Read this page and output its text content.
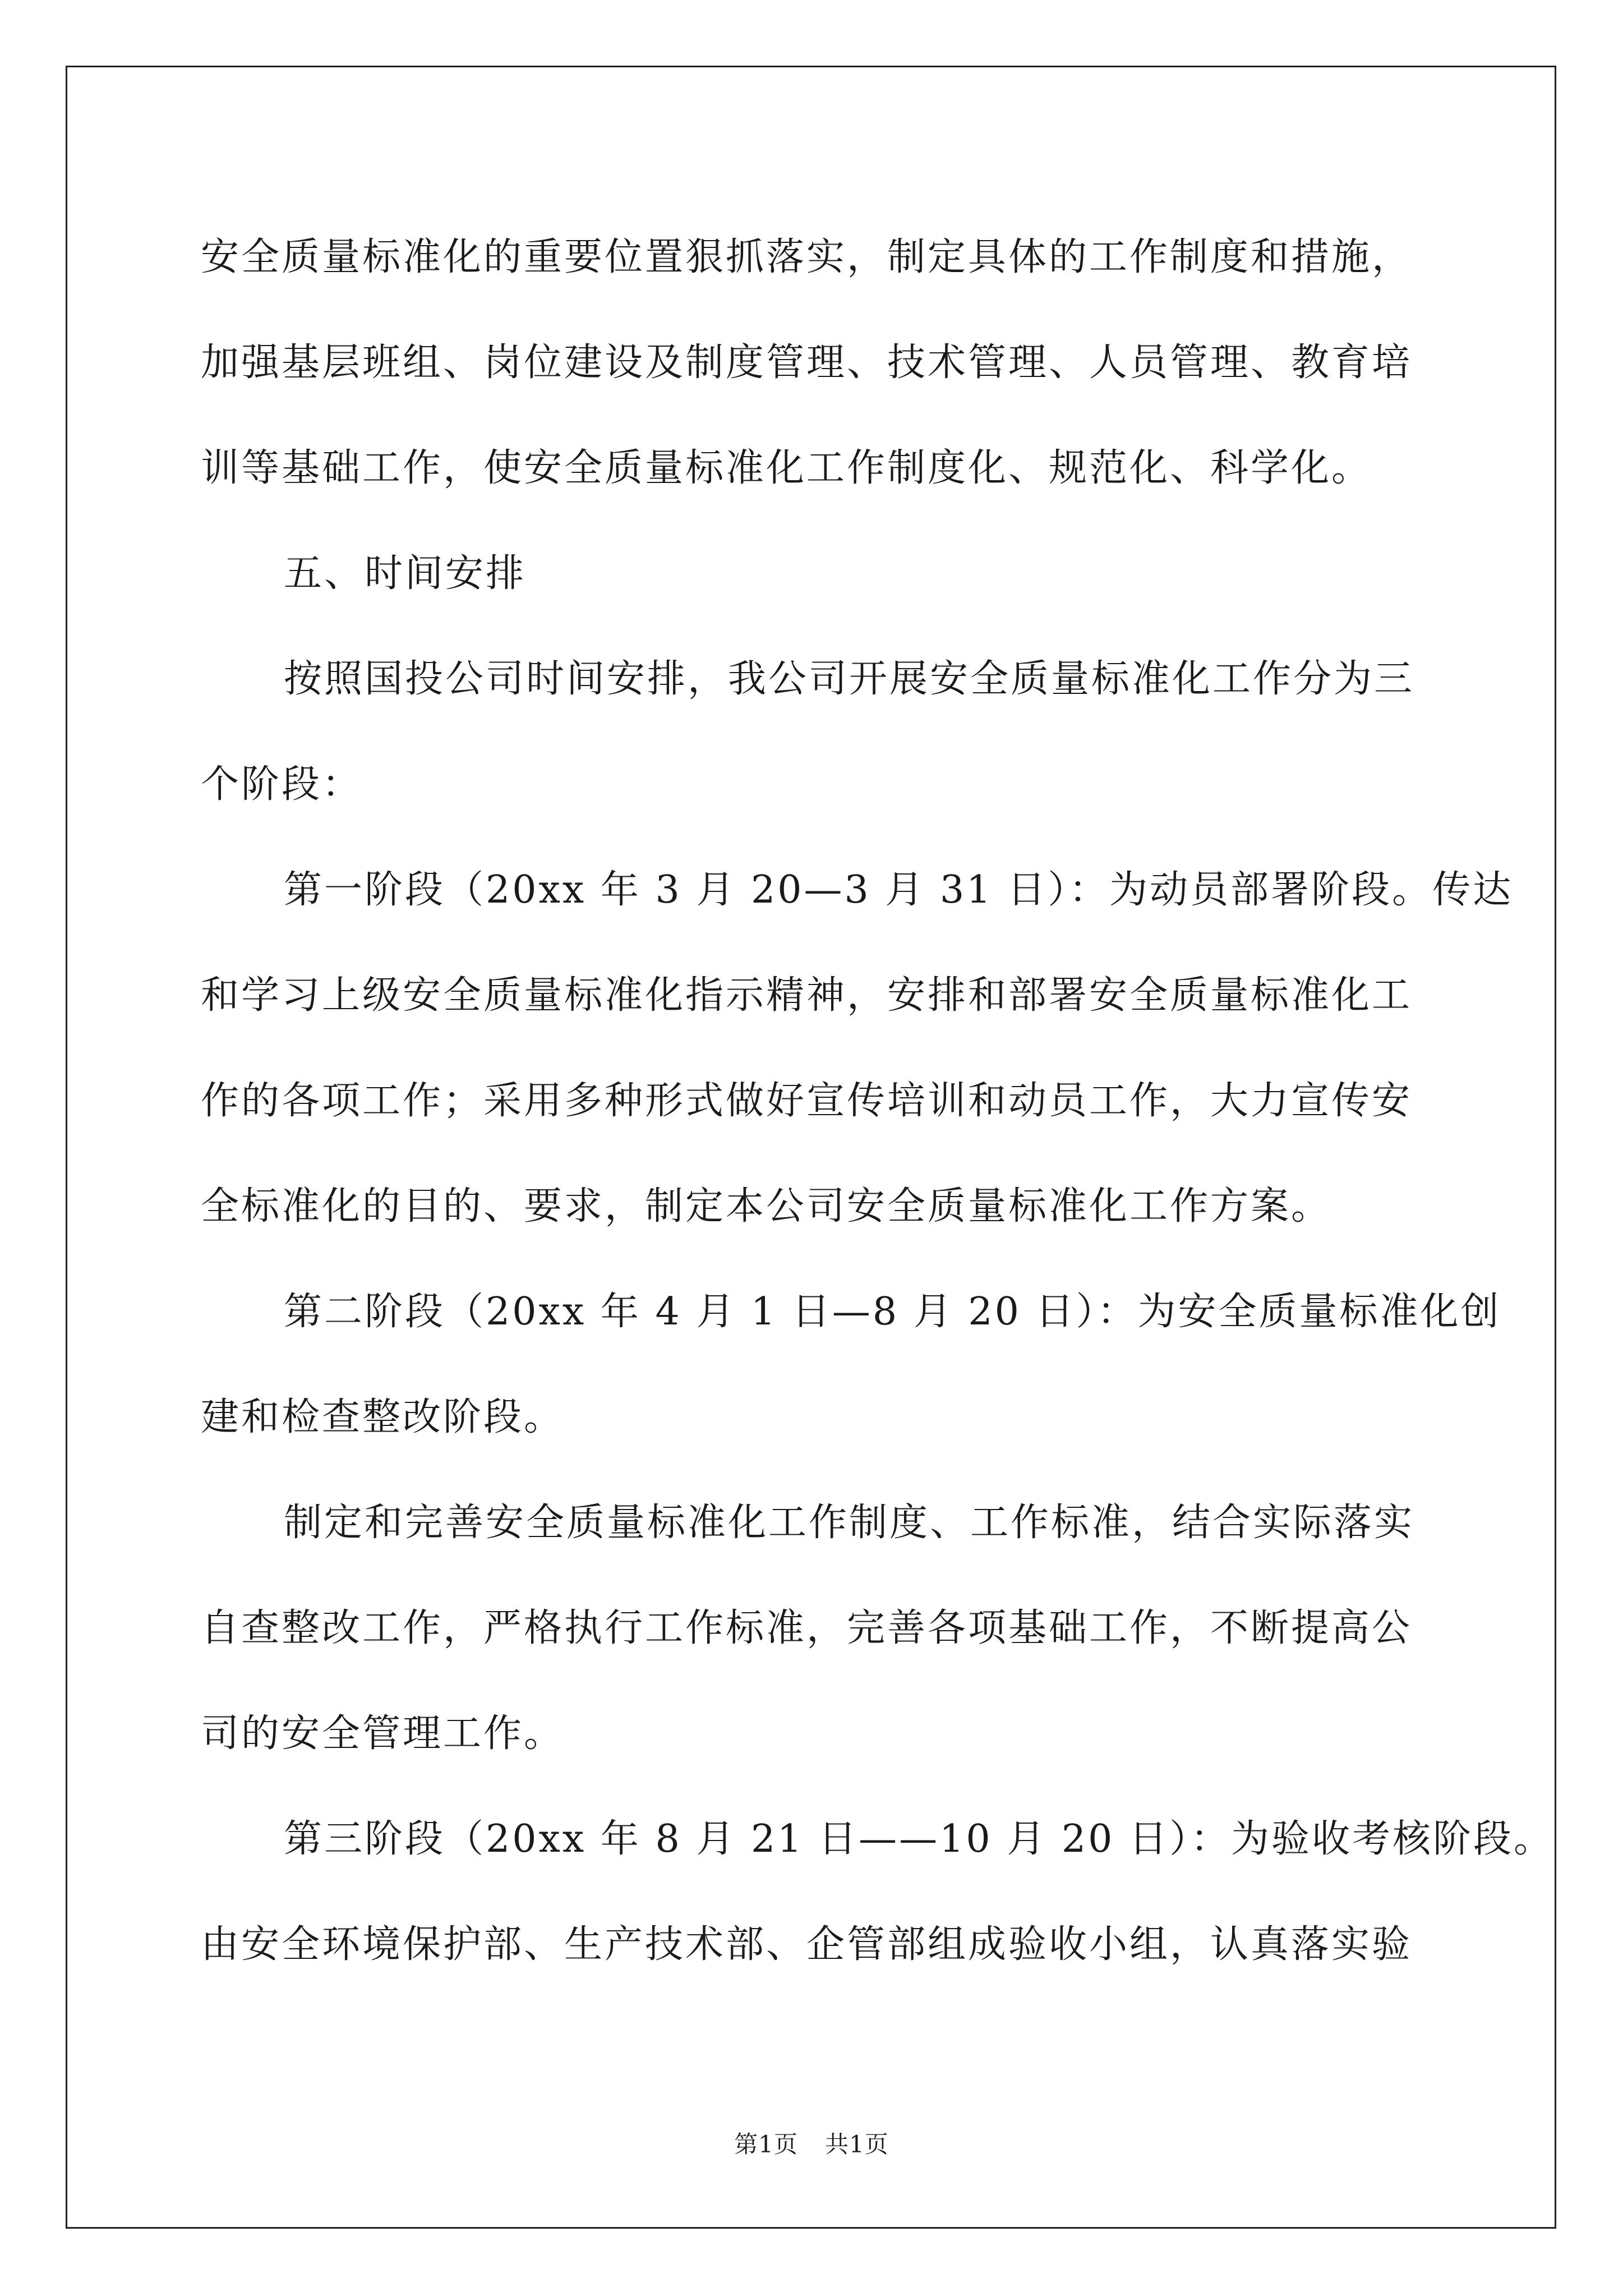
安全质量标准化的重要位置狠抓落实，制定具体的工作制度和措施，
加强基层班组、岗位建设及制度管理、技术管理、人员管理、教育培
训等基础工作，使安全质量标准化工作制度化、规范化、科学化。
五、时间安排
按照国投公司时间安排，我公司开展安全质量标准化工作分为三
个阶段：
第一阶段（20xx 年 3 月 20—3 月 31 日）：为动员部署阶段。传达
和学习上级安全质量标准化指示精神，安排和部署安全质量标准化工
作的各项工作；采用多种形式做好宣传培训和动员工作，大力宣传安
全标准化的目的、要求，制定本公司安全质量标准化工作方案。
第二阶段（20xx 年 4 月 1 日—8 月 20 日）：为安全质量标准化创
建和检查整改阶段。
制定和完善安全质量标准化工作制度、工作标准，结合实际落实
自查整改工作，严格执行工作标准，完善各项基础工作，不断提高公
司的安全管理工作。
第三阶段（20xx 年 8 月 21 日——10 月 20 日）：为验收考核阶段。
由安全环境保护部、生产技术部、企管部组成验收小组，认真落实验
第1页 共1页
